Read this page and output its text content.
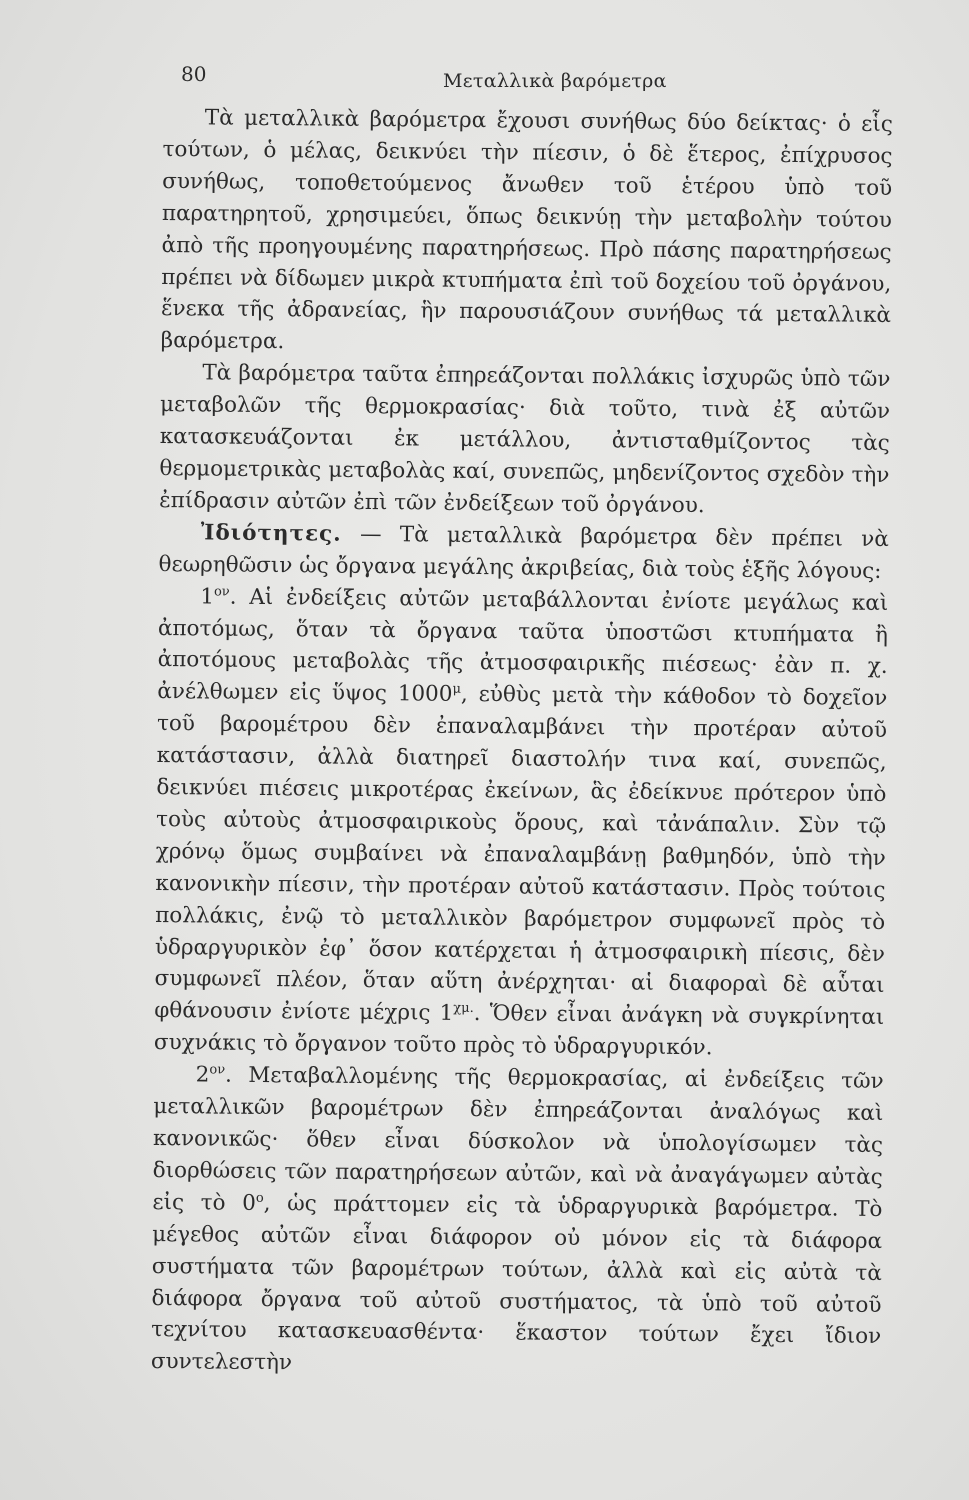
80	Μεταλλικὰ βαρόμετρα

Τὰ μεταλλικὰ βαρόμετρα ἔχουσι συνήθως δύο δείκτας· ὁ εἷς τούτων, ὁ μέλας, δεικνύει τὴν πίεσιν, ὁ δὲ ἕτερος, ἐπίχρυσος συνήθως, τοποθετούμενος ἄνωθεν τοῦ ἑτέρου ὑπὸ τοῦ παρατηρητοῦ, χρησιμεύει, ὅπως δεικνύῃ τὴν μεταβολὴν τούτου ἀπὸ τῆς προηγουμένης παρατηρήσεως. Πρὸ πάσης παρατηρήσεως πρέπει νὰ δίδωμεν μικρὰ κτυπήματα ἐπὶ τοῦ δοχείου τοῦ ὀργάνου, ἕνεκα τῆς ἀδρανείας, ἣν παρουσιάζουν συνήθως τά μεταλλικὰ βαρόμετρα.

Τὰ βαρόμετρα ταῦτα ἐπηρεάζονται πολλάκις ἰσχυρῶς ὑπὸ τῶν μεταβολῶν τῆς θερμοκρασίας· διὰ τοῦτο, τινὰ ἐξ αὐτῶν κατασκευάζονται ἐκ μετάλλου, ἀντισταθμίζοντος τὰς θερμομετρικὰς μεταβολὰς καί, συνεπῶς, μηδενίζοντος σχεδὸν τὴν ἐπίδρασιν αὐτῶν ἐπὶ τῶν ἐνδείξεων τοῦ ὀργάνου.

Ἰδιότητες. — Τὰ μεταλλικὰ βαρόμετρα δὲν πρέπει νὰ θεωρηθῶσιν ὡς ὄργανα μεγάλης ἀκριβείας, διὰ τοὺς ἑξῆς λόγους:

$1^{o\nu}$. Αἱ ἐνδείξεις αὐτῶν μεταβάλλονται ἐνίοτε μεγάλως καὶ ἀποτόμως, ὅταν τὰ ὄργανα ταῦτα ὑποστῶσι κτυπήματα ἢ ἀποτόμους μεταβολὰς τῆς ἀτμοσφαιρικῆς πιέσεως· ἐὰν π. χ. ἀνέλθωμεν εἰς ὕψος $1000^\mu$, εὐθὺς μετὰ τὴν κάθοδον τὸ δοχεῖον τοῦ βαρομέτρου δὲν ἐπαναλαμβάνει τὴν προτέραν αὐτοῦ κατάστασιν, ἀλλὰ διατηρεῖ διαστολήν τινα καί, συνεπῶς, δεικνύει πιέσεις μικροτέρας ἐκείνων, ἃς ἐδείκνυε πρότερον ὑπὸ τοὺς αὐτοὺς ἀτμοσφαιρικοὺς ὅρους, καὶ τἀνάπαλιν. Σὺν τῷ χρόνῳ ὅμως συμβαίνει νὰ ἐπαναλαμβάνῃ βαθμηδόν, ὑπὸ τὴν κανονικὴν πίεσιν, τὴν προτέραν αὐτοῦ κατάστασιν. Πρὸς τούτοις πολλάκις, ἐνῷ τὸ μεταλλικὸν βαρόμετρον συμφωνεῖ πρὸς τὸ ὑδραργυρικὸν ἐφ᾽ ὅσον κατέρχεται ἡ ἀτμοσφαιρικὴ πίεσις, δὲν συμφωνεῖ πλέον, ὅταν αὕτη ἀνέρχηται· αἱ διαφοραὶ δὲ αὗται φθάνουσιν ἐνίοτε μέχρις $1^{\chi\mu.}$. Ὅθεν εἶναι ἀνάγκη νὰ συγκρίνηται συχνάκις τὸ ὄργανον τοῦτο πρὸς τὸ ὑδραργυρικόν.

$2^{o\nu}$. Μεταβαλλομένης τῆς θερμοκρασίας, αἱ ἐνδείξεις τῶν μεταλλικῶν βαρομέτρων δὲν ἐπηρεάζονται ἀναλόγως καὶ κανονικῶς· ὅθεν εἶναι δύσκολον νὰ ὑπολογίσωμεν τὰς διορθώσεις τῶν παρατηρήσεων αὐτῶν, καὶ νὰ ἀναγάγωμεν αὐτὰς εἰς τὸ 0$^o$, ὡς πράττομεν εἰς τὰ ὑδραργυρικὰ βαρόμετρα. Τὸ μέγεθος αὐτῶν εἶναι διάφορον οὐ μόνον εἰς τὰ διάφορα συστήματα τῶν βαρομέτρων τούτων, ἀλλὰ καὶ εἰς αὐτὰ τὰ διάφορα ὄργανα τοῦ αὐτοῦ συστήματος, τὰ ὑπὸ τοῦ αὐτοῦ τεχνίτου κατασκευασθέντα· ἕκαστον τούτων ἔχει ἴδιον συντελεστὴν
